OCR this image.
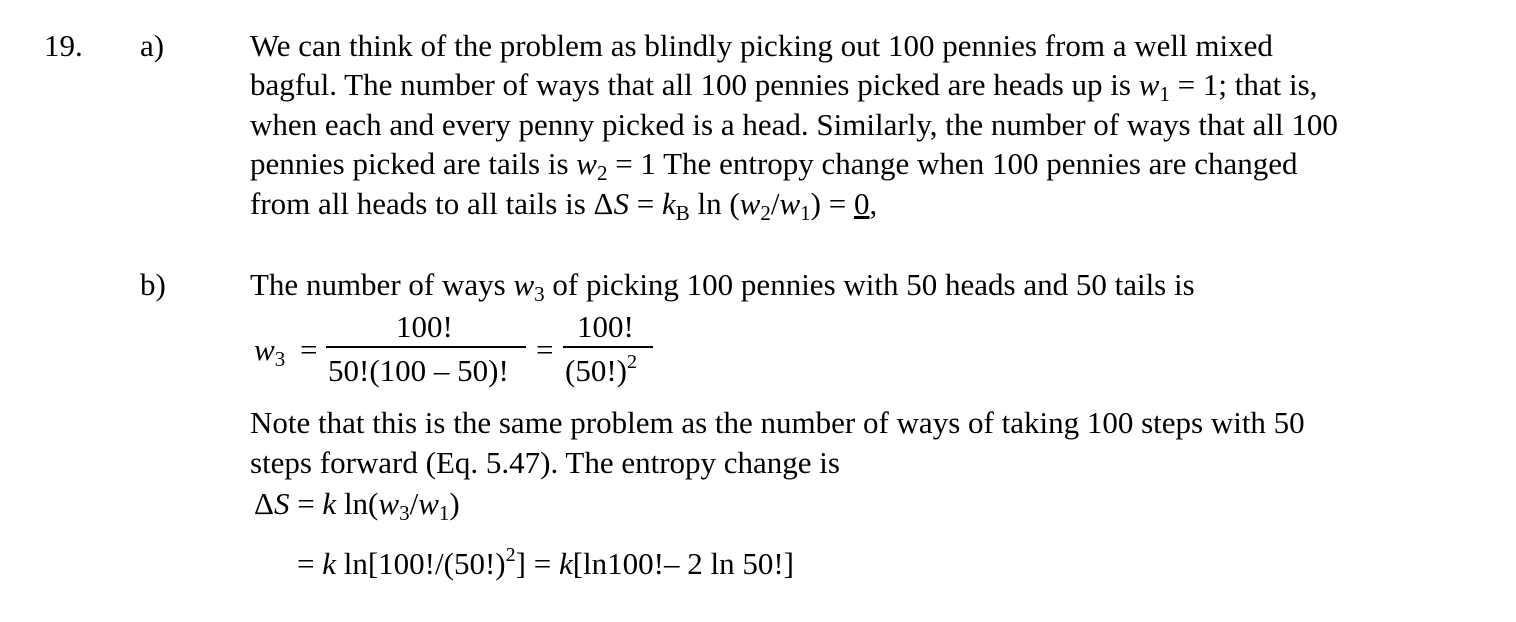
19. a)	We can think of the problem as blindly picking out 100 pennies from a well mixed
bagful. The number of ways that all 100 pennies picked are heads up is w1 = 1; that is,
when each and every penny picked is a head. Similarly, the number of ways that all 100
pennies picked are tails is w2 = 1 The entropy change when 100 pennies are changed
from all heads to all tails is ΔS = kB ln (w2/w1) = 0,
b)	The number of ways w3 of picking 100 pennies with 50 heads and 50 tails is
w3 =
100!
50!(100 – 50)!
=
100!
$(50!)^2$
Note that this is the same problem as the number of ways of taking 100 steps with 50
steps forward (Eq. 5.47). The entropy change is
ΔS = k ln(w3/w1)
= k $\ln[100!/(50!)^2] = k[\ln 100!-$ 2 ln 50!]
